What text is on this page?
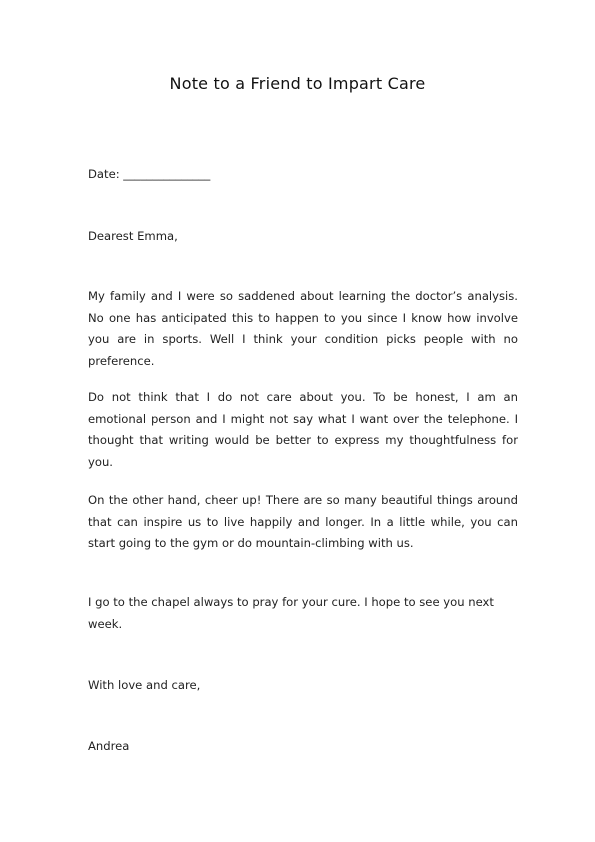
Note to a Friend to Impart Care

Date: _______________

Dearest Emma,

My family and I were so saddened about learning the doctor’s analysis. No one has anticipated this to happen to you since I know how involve you are in sports. Well I think your condition picks people with no preference.

Do not think that I do not care about you. To be honest, I am an emotional person and I might not say what I want over the telephone. I thought that writing would be better to express my thoughtfulness for you.

On the other hand, cheer up! There are so many beautiful things around that can inspire us to live happily and longer. In a little while, you can start going to the gym or do mountain-climbing with us.

I go to the chapel always to pray for your cure. I hope to see you next week.

With love and care,

Andrea
